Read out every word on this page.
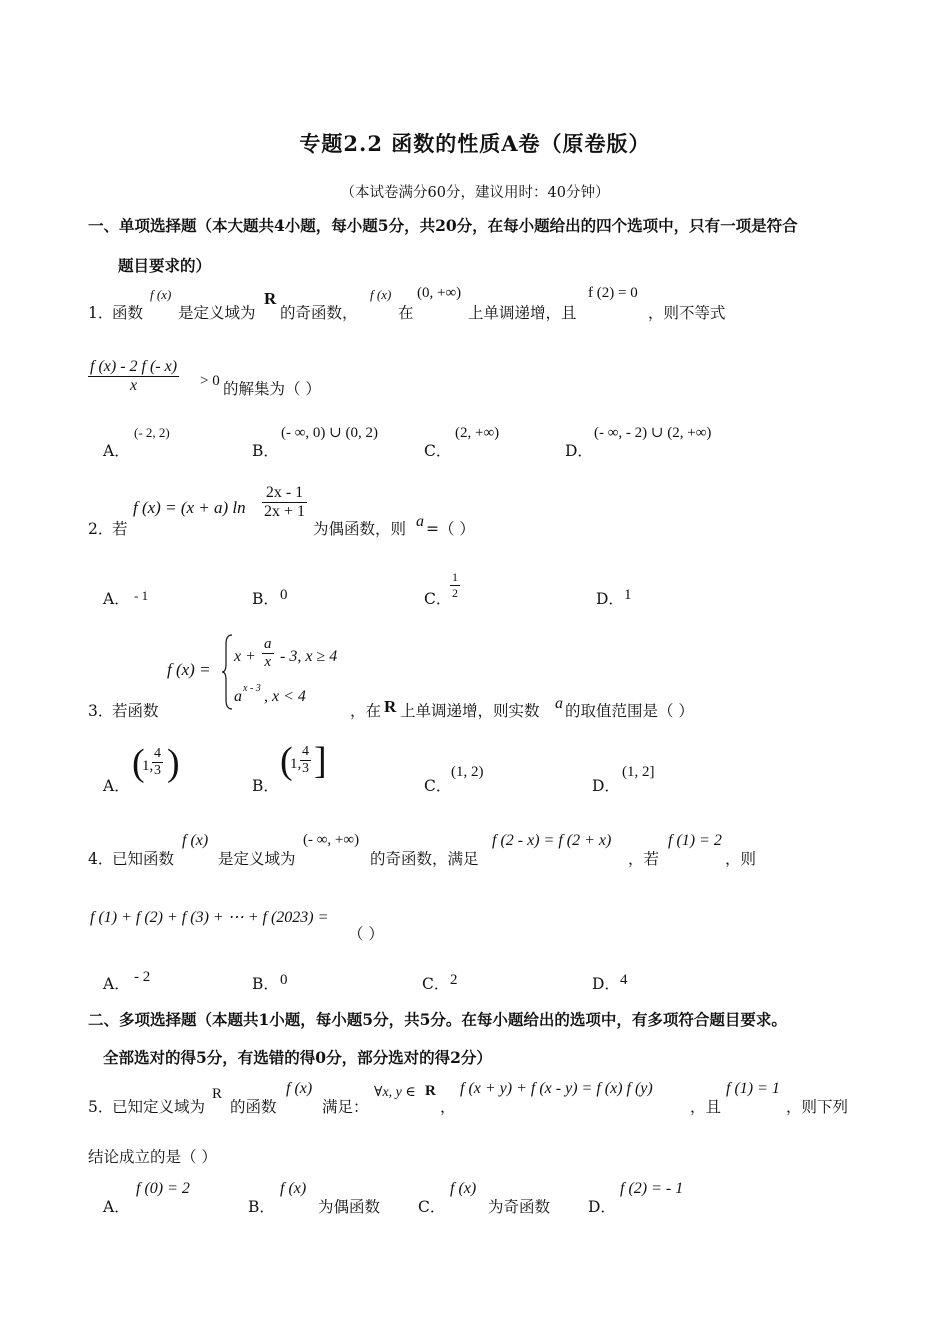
专题2.2 函数的性质A卷（原卷版）
（本试卷满分60分，建议用时：40分钟）
一、单项选择题（本大题共4小题，每小题5分，共20分，在每小题给出的四个选项中，只有一项是符合
题目要求的）
1．
函数
f (x)
是定义域为
R
的奇函数，
f (x)
在
(0, +∞)
上单调递增，且
f (2) = 0
，则不等式
$\frac{f (x) - 2 f (- x)}{x} > 0$ 的解集为（ ）
A．
(- 2, 2)
B．
(- ∞, 0) ∪ (0, 2)
C．
(2, +∞)
D．
(- ∞, - 2) ∪ (2, +∞)
2．
若
f (x) = (x + a) $\ln \frac{2x - 1}{2x + 1}$
为偶函数，则 a =（ ）
A． - 1	B． 0	C．
$\frac{1}{2}$	D． 1
3．
若函数
f (x) =
$x + \frac{a}{x} - 3$, x ≥ 4
a x - 3 , x < 4
，在 R 上单调递增，则实数 a 的取值范围是（ ）
A．
(
1,
$\frac{4}{3}$ )
B．
(
1,
$\frac{4}{3}$ ]
C．
(1, 2)
D．
(1, 2]
4．
已知函数
f (x)
是定义域为
(- ∞, +∞)
的奇函数，满足
f (2 - x) = f (2 + x)
，若
f (1) = 2
，则
f (1) + f (2) + f (3) + ⋯ + f (2023) =
（ ）
A． - 2	B． 0	C． 2	D． 4
二、多项选择题（本题共1小题，每小题5分，共5分。在每小题给出的选项中，有多项符合题目要求。
全部选对的得5分，有选错的得0分，部分选对的得2分）
5．
已知定义域为
R
的函数
f (x)
满足：
∀x, y ∈ R
，
f (x + y) + f (x - y) = f (x) f (y)
，且
f (1) = 1
，则下列
结论成立的是（ ）
A．
f (0) = 2
B．
f (x)
为偶函数 C．
f (x)
为奇函数 D．
f (2) = - 1
